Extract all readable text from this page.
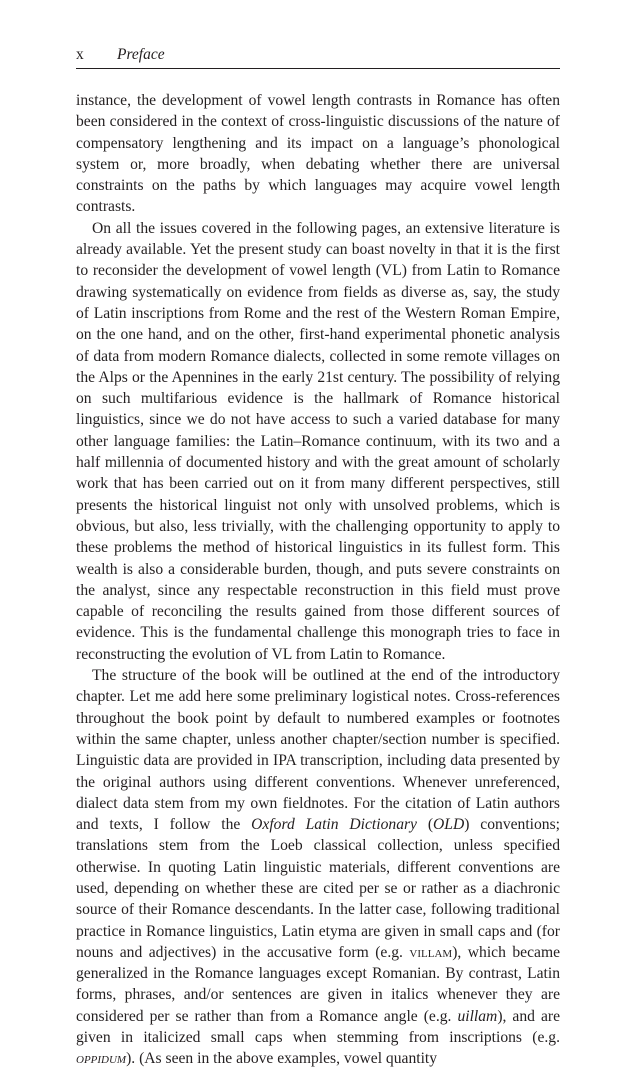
x Preface

instance, the development of vowel length contrasts in Romance has often been considered in the context of cross-linguistic discussions of the nature of compensatory lengthening and its impact on a language’s phonological system or, more broadly, when debating whether there are universal constraints on the paths by which languages may acquire vowel length contrasts.

On all the issues covered in the following pages, an extensive literature is already available. Yet the present study can boast novelty in that it is the first to reconsider the development of vowel length (VL) from Latin to Romance drawing systematically on evidence from fields as diverse as, say, the study of Latin inscriptions from Rome and the rest of the Western Roman Empire, on the one hand, and on the other, first-hand experimental phonetic analysis of data from modern Romance dialects, collected in some remote villages on the Alps or the Apennines in the early 21st century. The possibility of relying on such multifarious evidence is the hallmark of Romance historical linguistics, since we do not have access to such a varied database for many other language families: the Latin–Romance continuum, with its two and a half millennia of documented history and with the great amount of scholarly work that has been carried out on it from many different perspectives, still presents the historical linguist not only with unsolved problems, which is obvious, but also, less trivially, with the challenging opportunity to apply to these problems the method of historical linguistics in its fullest form. This wealth is also a considerable burden, though, and puts severe constraints on the analyst, since any respectable reconstruction in this field must prove capable of reconciling the results gained from those different sources of evidence. This is the fundamental challenge this monograph tries to face in reconstructing the evolution of VL from Latin to Romance.

The structure of the book will be outlined at the end of the introductory chapter. Let me add here some preliminary logistical notes. Cross-references throughout the book point by default to numbered examples or footnotes within the same chapter, unless another chapter/section number is specified. Linguistic data are provided in IPA transcription, including data presented by the original authors using different conventions. Whenever unreferenced, dialect data stem from my own fieldnotes. For the citation of Latin authors and texts, I follow the Oxford Latin Dictionary (OLD) conventions; translations stem from the Loeb classical collection, unless specified otherwise. In quoting Latin linguistic materials, different conventions are used, depending on whether these are cited per se or rather as a diachronic source of their Romance descendants. In the latter case, following traditional practice in Romance linguistics, Latin etyma are given in small caps and (for nouns and adjectives) in the accusative form (e.g. villam), which became generalized in the Romance languages except Romanian. By contrast, Latin forms, phrases, and/or sentences are given in italics whenever they are considered per se rather than from a Romance angle (e.g. uillam), and are given in italicized small caps when stemming from inscriptions (e.g. oppidum). (As seen in the above examples, vowel quantity
